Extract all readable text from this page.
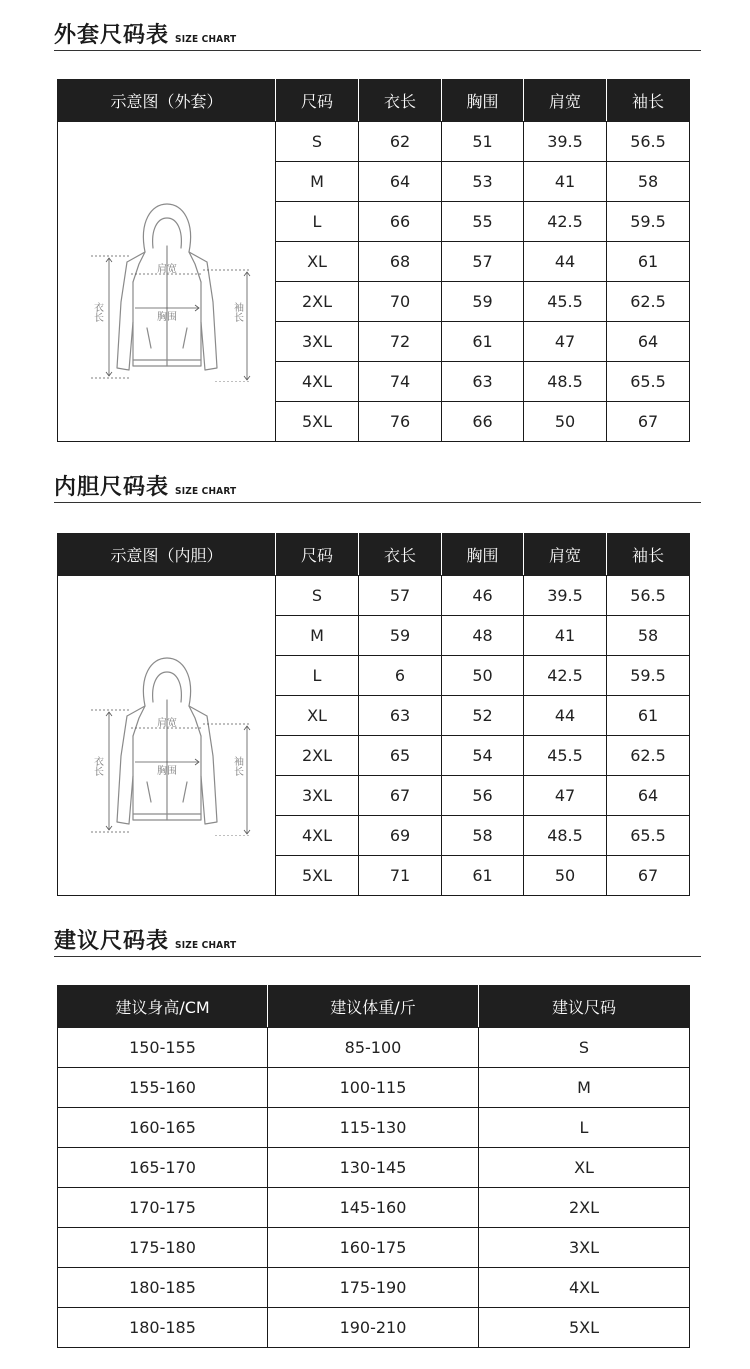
外套尺码表 SIZE CHART
示意图（外套）	尺码	衣长	胸围	肩宽	袖长

肩宽
胸围
衣长 袖长	S	62	51	39.5	56.5
	M	64	53	41	58
	L	66	55	42.5	59.5
	XL	68	57	44	61
	2XL	70	59	45.5	62.5
	3XL	72	61	47	64
	4XL	74	63	48.5	65.5
	5XL	76	66	50	67
内胆尺码表 SIZE CHART
示意图（内胆）	尺码	衣长	胸围	肩宽	袖长

肩宽
胸围
衣长 袖长	S	57	46	39.5	56.5
	M	59	48	41	58
	L	6	50	42.5	59.5
	XL	63	52	44	61
	2XL	65	54	45.5	62.5
	3XL	67	56	47	64
	4XL	69	58	48.5	65.5
	5XL	71	61	50	67
建议尺码表 SIZE CHART
建议身高/CM	建议体重/斤	建议尺码
150-155	85-100	S
155-160	100-115	M
160-165	115-130	L
165-170	130-145	XL
170-175	145-160	2XL
175-180	160-175	3XL
180-185	175-190	4XL
180-185	190-210	5XL
